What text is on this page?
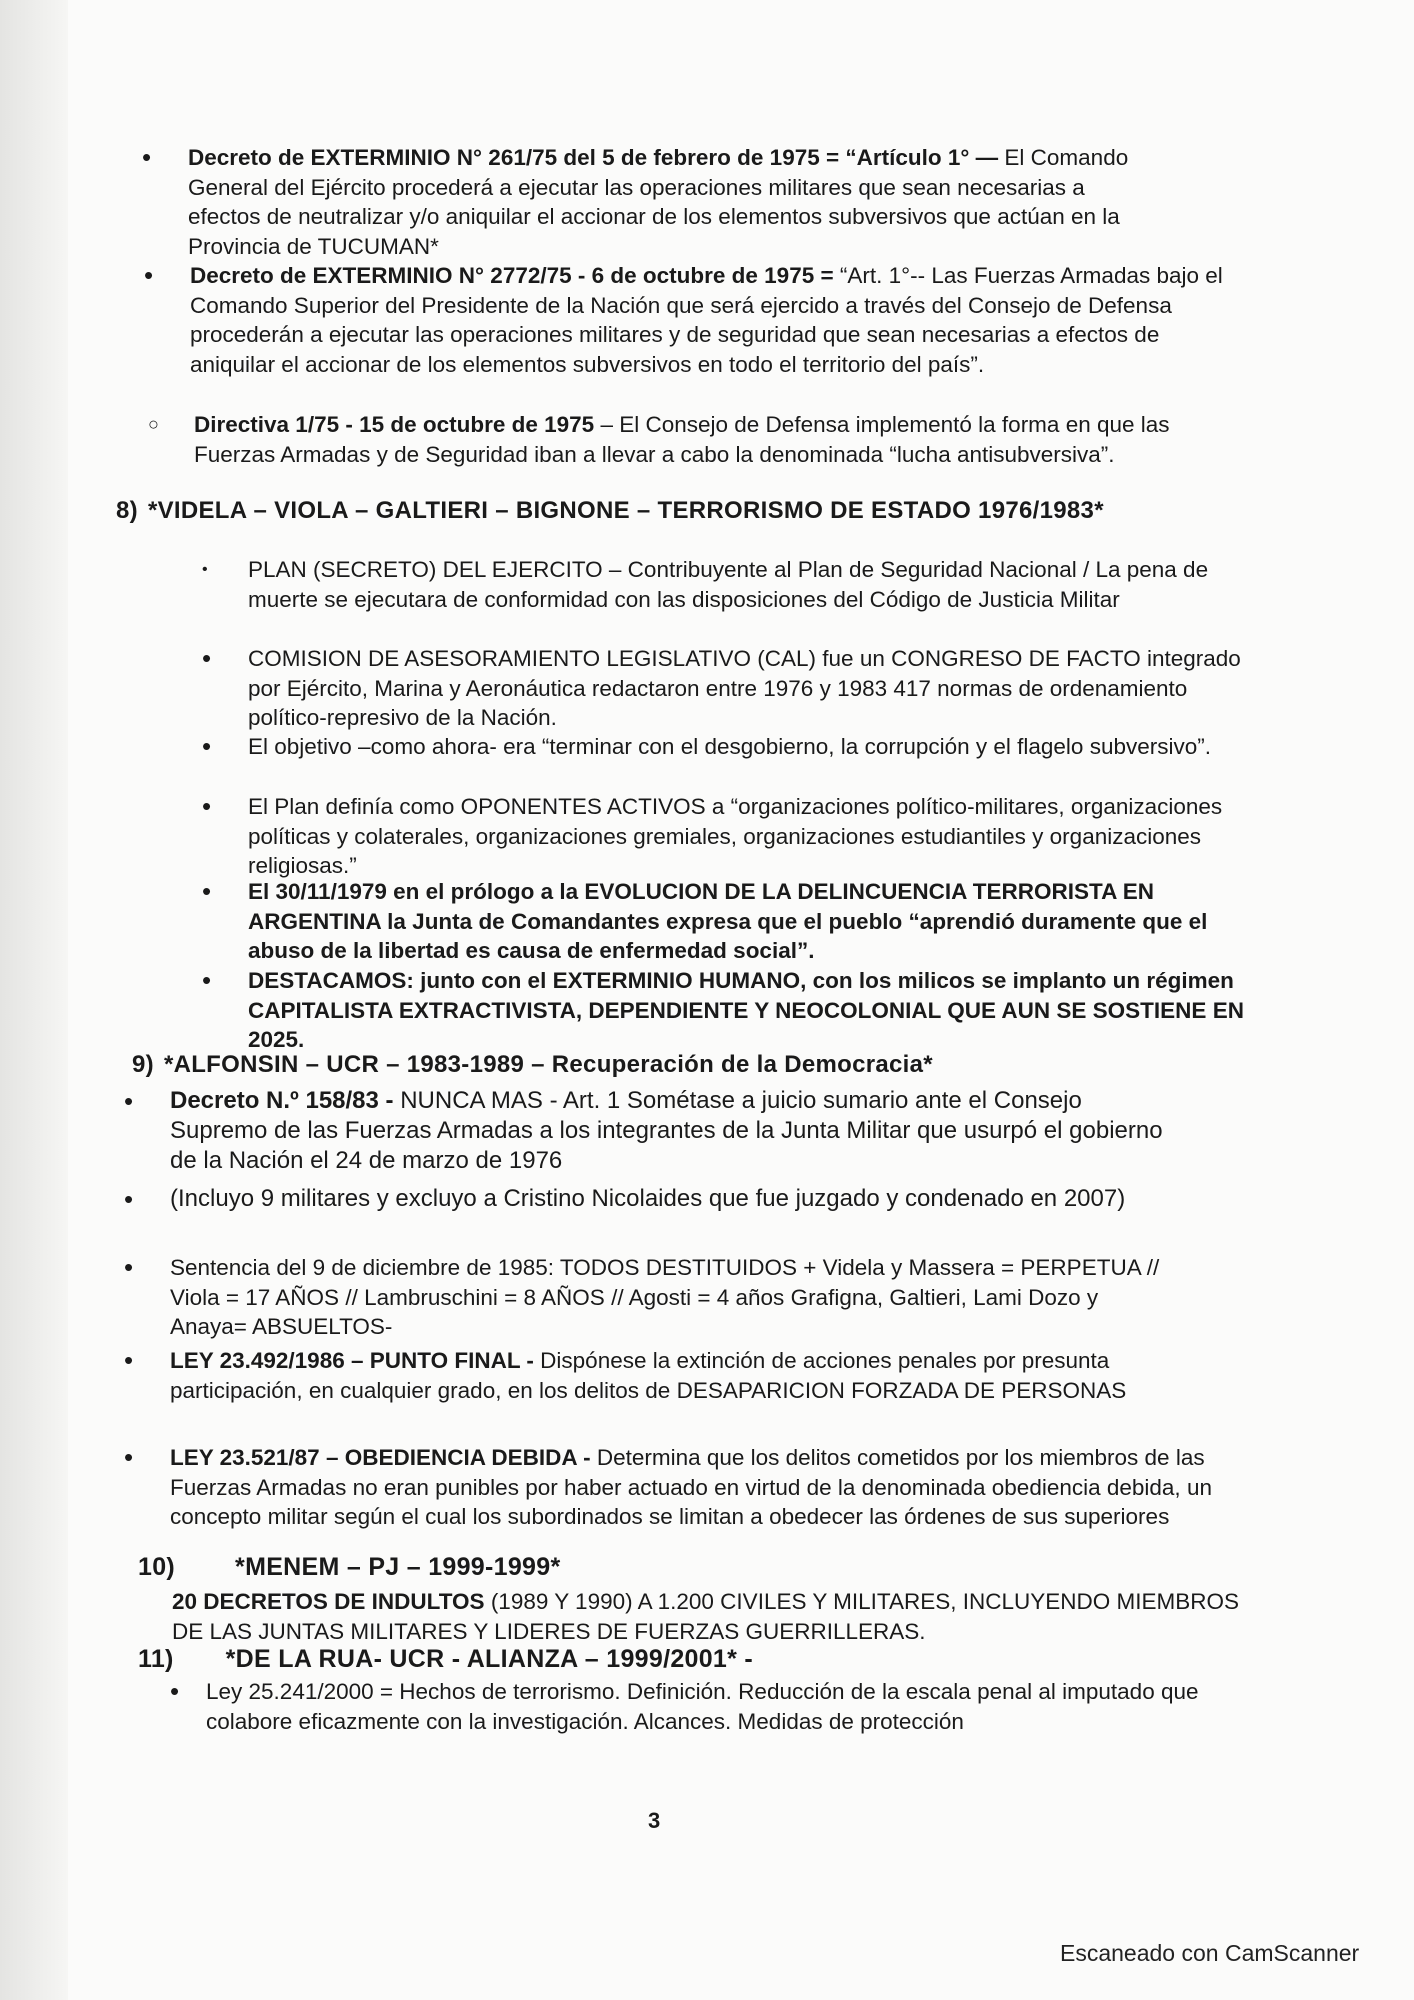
• Decreto de EXTERMINIO N° 261/75 del 5 de febrero de 1975 = “Artículo 1° — El Comando General del Ejército procederá a ejecutar las operaciones militares que sean necesarias a efectos de neutralizar y/o aniquilar el accionar de los elementos subversivos que actúan en la Provincia de TUCUMAN*
• Decreto de EXTERMINIO N° 2772/75 - 6 de octubre de 1975 = “Art. 1°-- Las Fuerzas Armadas bajo el Comando Superior del Presidente de la Nación que será ejercido a través del Consejo de Defensa procederán a ejecutar las operaciones militares y de seguridad que sean necesarias a efectos de aniquilar el accionar de los elementos subversivos en todo el territorio del país”.
○ Directiva 1/75 - 15 de octubre de 1975 – El Consejo de Defensa implementó la forma en que las Fuerzas Armadas y de Seguridad iban a llevar a cabo la denominada “lucha antisubversiva”.
8) *VIDELA – VIOLA – GALTIERI – BIGNONE – TERRORISMO DE ESTADO 1976/1983*
• PLAN (SECRETO) DEL EJERCITO – Contribuyente al Plan de Seguridad Nacional / La pena de muerte se ejecutara de conformidad con las disposiciones del Código de Justicia Militar
• COMISION DE ASESORAMIENTO LEGISLATIVO (CAL) fue un CONGRESO DE FACTO integrado por Ejército, Marina y Aeronáutica redactaron entre 1976 y 1983 417 normas de ordenamiento político-represivo de la Nación.
• El objetivo –como ahora- era “terminar con el desgobierno, la corrupción y el flagelo subversivo”.
• El Plan definía como OPONENTES ACTIVOS a “organizaciones político-militares, organizaciones políticas y colaterales, organizaciones gremiales, organizaciones estudiantiles y organizaciones religiosas.”
• El 30/11/1979 en el prólogo a la EVOLUCION DE LA DELINCUENCIA TERRORISTA EN ARGENTINA la Junta de Comandantes expresa que el pueblo “aprendió duramente que el abuso de la libertad es causa de enfermedad social”.
• DESTACAMOS: junto con el EXTERMINIO HUMANO, con los milicos se implanto un régimen CAPITALISTA EXTRACTIVISTA, DEPENDIENTE Y NEOCOLONIAL QUE AUN SE SOSTIENE EN 2025.
9) *ALFONSIN – UCR – 1983-1989 – Recuperación de la Democracia*
• Decreto N.º 158/83 - NUNCA MAS - Art. 1 Sométase a juicio sumario ante el Consejo Supremo de las Fuerzas Armadas a los integrantes de la Junta Militar que usurpó el gobierno de la Nación el 24 de marzo de 1976
• (Incluyo 9 militares y excluyo a Cristino Nicolaides que fue juzgado y condenado en 2007)
• Sentencia del 9 de diciembre de 1985: TODOS DESTITUIDOS + Videla y Massera = PERPETUA // Viola = 17 AÑOS // Lambruschini = 8 AÑOS // Agosti = 4 años Grafigna, Galtieri, Lami Dozo y Anaya= ABSUELTOS-
• LEY 23.492/1986 – PUNTO FINAL - Dispónese la extinción de acciones penales por presunta participación, en cualquier grado, en los delitos de DESAPARICION FORZADA DE PERSONAS
• LEY 23.521/87 – OBEDIENCIA DEBIDA - Determina que los delitos cometidos por los miembros de las Fuerzas Armadas no eran punibles por haber actuado en virtud de la denominada obediencia debida, un concepto militar según el cual los subordinados se limitan a obedecer las órdenes de sus superiores
10) *MENEM – PJ – 1999-1999*
20 DECRETOS DE INDULTOS (1989 Y 1990) A 1.200 CIVILES Y MILITARES, INCLUYENDO MIEMBROS DE LAS JUNTAS MILITARES Y LIDERES DE FUERZAS GUERRILLERAS.
11) *DE LA RUA- UCR - ALIANZA – 1999/2001* -
• Ley 25.241/2000 = Hechos de terrorismo. Definición. Reducción de la escala penal al imputado que colabore eficazmente con la investigación. Alcances. Medidas de protección
3
Escaneado con CamScanner
